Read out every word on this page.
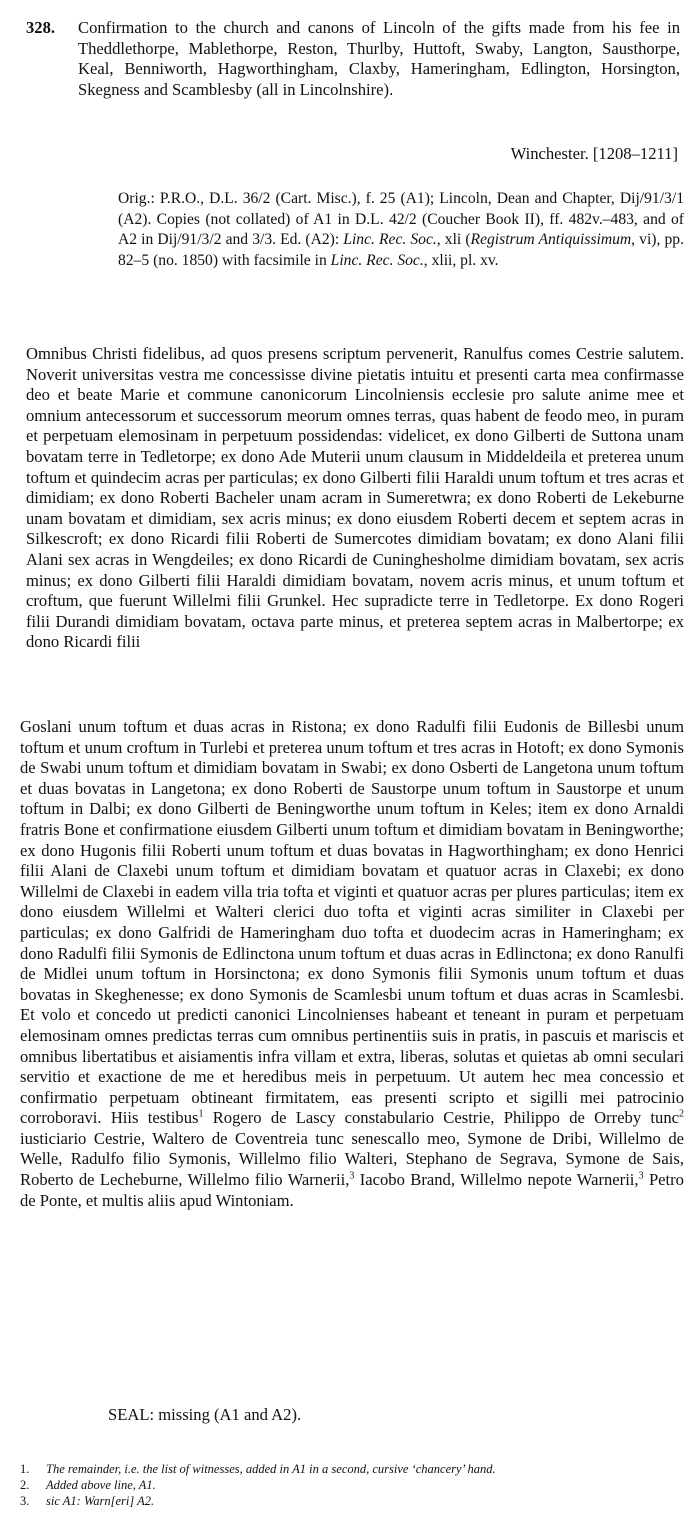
328. Confirmation to the church and canons of Lincoln of the gifts made from his fee in Theddlethorpe, Mablethorpe, Reston, Thurlby, Huttoft, Swaby, Langton, Sausthorpe, Keal, Benniworth, Hagworthingham, Claxby, Hameringham, Edlington, Horsington, Skegness and Scamblesby (all in Lincolnshire).
Winchester. [1208–1211]
Orig.: P.R.O., D.L. 36/2 (Cart. Misc.), f. 25 (A1); Lincoln, Dean and Chapter, Dij/91/3/1 (A2). Copies (not collated) of A1 in D.L. 42/2 (Coucher Book II), ff. 482v.–483, and of A2 in Dij/91/3/2 and 3/3. Ed. (A2): Linc. Rec. Soc., xli (Registrum Antiquissimum, vi), pp. 82–5 (no. 1850) with facsimile in Linc. Rec. Soc., xlii, pl. xv.
Omnibus Christi fidelibus, ad quos presens scriptum pervenerit, Ranulfus comes Cestrie salutem. Noverit universitas vestra me concessisse divine pietatis intuitu et presenti carta mea confirmasse deo et beate Marie et commune canonicorum Lincolniensis ecclesie pro salute anime mee et omnium antecessorum et successorum meorum omnes terras, quas habent de feodo meo, in puram et perpetuam elemosinam in perpetuum possidendas: videlicet, ex dono Gilberti de Suttona unam bovatam terre in Tedletorpe; ex dono Ade Muterii unum clausum in Middeldeila et preterea unum toftum et quindecim acras per particulas; ex dono Gilberti filii Haraldi unum toftum et tres acras et dimidiam; ex dono Roberti Bacheler unam acram in Sumeretwra; ex dono Roberti de Lekeburne unam bovatam et dimidiam, sex acris minus; ex dono eiusdem Roberti decem et septem acras in Silkescroft; ex dono Ricardi filii Roberti de Sumercotes dimidiam bovatam; ex dono Alani filii Alani sex acras in Wengdeiles; ex dono Ricardi de Cuninghesholme dimidiam bovatam, sex acris minus; ex dono Gilberti filii Haraldi dimidiam bovatam, novem acris minus, et unum toftum et croftum, que fuerunt Willelmi filii Grunkel. Hec supradicte terre in Tedletorpe. Ex dono Rogeri filii Durandi dimidiam bovatam, octava parte minus, et preterea septem acras in Malbertorpe; ex dono Ricardi filii
Goslani unum toftum et duas acras in Ristona; ex dono Radulfi filii Eudonis de Billesbi unum toftum et unum croftum in Turlebi et preterea unum toftum et tres acras in Hotoft; ex dono Symonis de Swabi unum toftum et dimidiam bovatam in Swabi; ex dono Osberti de Langetona unum toftum et duas bovatas in Langetona; ex dono Roberti de Saustorpe unum toftum in Saustorpe et unum toftum in Dalbi; ex dono Gilberti de Beningworthe unum toftum in Keles; item ex dono Arnaldi fratris Bone et confirmatione eiusdem Gilberti unum toftum et dimidiam bovatam in Beningworthe; ex dono Hugonis filii Roberti unum toftum et duas bovatas in Hagworthingham; ex dono Henrici filii Alani de Claxebi unum toftum et dimidiam bovatam et quatuor acras in Claxebi; ex dono Willelmi de Claxebi in eadem villa tria tofta et viginti et quatuor acras per plures particulas; item ex dono eiusdem Willelmi et Walteri clerici duo tofta et viginti acras similiter in Claxebi per particulas; ex dono Galfridi de Hameringham duo tofta et duodecim acras in Hameringham; ex dono Radulfi filii Symonis de Edlinctona unum toftum et duas acras in Edlinctona; ex dono Ranulfi de Midlei unum toftum in Horsinctona; ex dono Symonis filii Symonis unum toftum et duas bovatas in Skeghenesse; ex dono Symonis de Scamlesbi unum toftum et duas acras in Scamlesbi. Et volo et concedo ut predicti canonici Lincolnienses habeant et teneant in puram et perpetuam elemosinam omnes predictas terras cum omnibus pertinentiis suis in pratis, in pascuis et mariscis et omnibus libertatibus et aisiamentis infra villam et extra, liberas, solutas et quietas ab omni seculari servitio et exactione de me et heredibus meis in perpetuum. Ut autem hec mea concessio et confirmatio perpetuam obtineant firmitatem, eas presenti scripto et sigilli mei patrocinio corroboravi. Hiis testibus$^1$ Rogero de Lascy constabulario Cestrie, Philippo de Orreby tunc$^2$ iusticiario Cestrie, Waltero de Coventreia tunc senescallo meo, Symone de Dribi, Willelmo de Welle, Radulfo filio Symonis, Willelmo filio Walteri, Stephano de Segrava, Symone de Sais, Roberto de Lecheburne, Willelmo filio Warnerii,$^3$ Iacobo Brand, Willelmo nepote Warnerii,$^3$ Petro de Ponte, et multis aliis apud Wintoniam.
SEAL: missing (A1 and A2).
1. The remainder, i.e. the list of witnesses, added in A1 in a second, cursive ‘chancery’ hand.
2. Added above line, A1.
3. sic A1: Warn[eri] A2.
